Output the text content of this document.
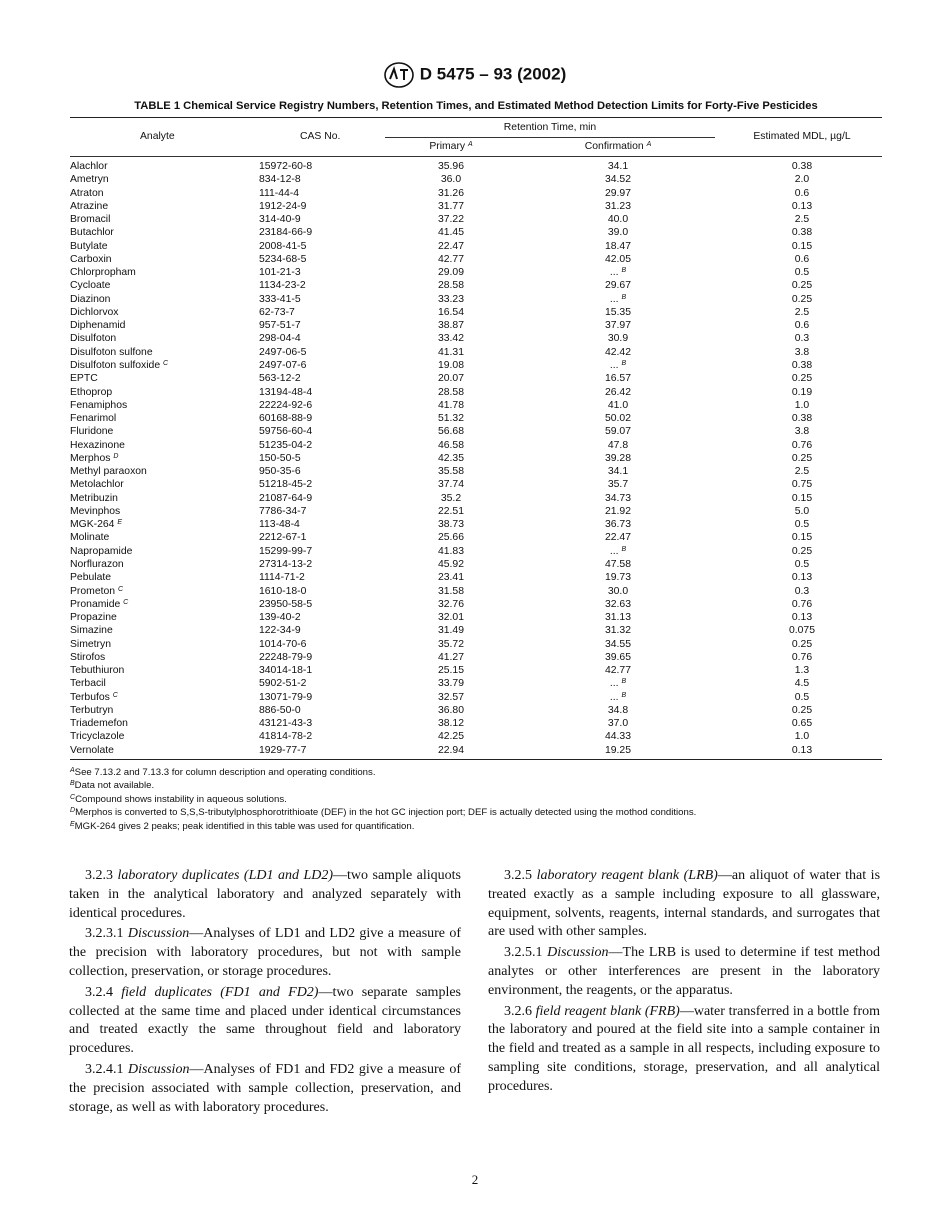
D 5475 – 93 (2002)
TABLE 1 Chemical Service Registry Numbers, Retention Times, and Estimated Method Detection Limits for Forty-Five Pesticides
Analyte	CAS No.
Retention Time, min
Primary $^A$	Confirmation $^A$
Estimated MDL, µg/L
Alachlor	15972-60-8	35.96	34.1	0.38
Ametryn	834-12-8	36.0	34.52	2.0
Atraton	111-44-4	31.26	29.97	0.6
Atrazine	1912-24-9	31.77	31.23	0.13
Bromacil	314-40-9	37.22	40.0	2.5
Butachlor	23184-66-9	41.45	39.0	0.38
Butylate	2008-41-5	22.47	18.47	0.15
Carboxin	5234-68-5	42.77	42.05	0.6
Chlorpropham	101-21-3	29.09	... $^B$	0.5
Cycloate	1134-23-2	28.58	29.67	0.25
Diazinon	333-41-5	33.23	... $^B$	0.25
Dichlorvox	62-73-7	16.54	15.35	2.5
Diphenamid	957-51-7	38.87	37.97	0.6
Disulfoton	298-04-4	33.42	30.9	0.3
Disulfoton sulfone	2497-06-5	41.31	42.42	3.8
Disulfoton sulfoxide $^C$	2497-07-6	19.08	... $^B$	0.38
EPTC	563-12-2	20.07	16.57	0.25
Ethoprop	13194-48-4	28.58	26.42	0.19
Fenamiphos	22224-92-6	41.78	41.0	1.0
Fenarimol	60168-88-9	51.32	50.02	0.38
Fluridone	59756-60-4	56.68	59.07	3.8
Hexazinone	51235-04-2	46.58	47.8	0.76
Merphos $^D$	150-50-5	42.35	39.28	0.25
Methyl paraoxon	950-35-6	35.58	34.1	2.5
Metolachlor	51218-45-2	37.74	35.7	0.75
Metribuzin	21087-64-9	35.2	34.73	0.15
Mevinphos	7786-34-7	22.51	21.92	5.0
MGK-264 $^E$	113-48-4	38.73	36.73	0.5
Molinate	2212-67-1	25.66	22.47	0.15
Napropamide	15299-99-7	41.83	... $^B$	0.25
Norflurazon	27314-13-2	45.92	47.58	0.5
Pebulate	1114-71-2	23.41	19.73	0.13
Prometon $^C$	1610-18-0	31.58	30.0	0.3
Pronamide $^C$	23950-58-5	32.76	32.63	0.76
Propazine	139-40-2	32.01	31.13	0.13
Simazine	122-34-9	31.49	31.32	0.075
Simetryn	1014-70-6	35.72	34.55	0.25
Stirofos	22248-79-9	41.27	39.65	0.76
Tebuthiuron	34014-18-1	25.15	42.77	1.3
Terbacil	5902-51-2	33.79	... $^B$	4.5
Terbufos $^C$	13071-79-9	32.57	... $^B$	0.5
Terbutryn	886-50-0	36.80	34.8	0.25
Triademefon	43121-43-3	38.12	37.0	0.65
Tricyclazole	41814-78-2	42.25	44.33	1.0
Vernolate	1929-77-7	22.94	19.25	0.13
$^A$See 7.13.2 and 7.13.3 for column description and operating conditions.
$^B$Data not available.
$^C$Compound shows instability in aqueous solutions.
$^D$Merphos is converted to S,S,S-tributylphosphorotrithioate (DEF) in the hot GC injection port; DEF is actually detected using the mothod conditions.
$^E$MGK-264 gives 2 peaks; peak identified in this table was used for quantification.

3.2.3 laboratory duplicates (LD1 and LD2)—two sample aliquots taken in the analytical laboratory and analyzed separately with identical procedures.

3.2.3.1 Discussion—Analyses of LD1 and LD2 give a measure of the precision with laboratory procedures, but not with sample collection, preservation, or storage procedures.

3.2.4 field duplicates (FD1 and FD2)—two separate samples collected at the same time and placed under identical circumstances and treated exactly the same throughout field and laboratory procedures.

3.2.4.1 Discussion—Analyses of FD1 and FD2 give a measure of the precision associated with sample collection, preservation, and storage, as well as with laboratory procedures.

3.2.5 laboratory reagent blank (LRB)—an aliquot of water that is treated exactly as a sample including exposure to all glassware, equipment, solvents, reagents, internal standards, and surrogates that are used with other samples.

3.2.5.1 Discussion—The LRB is used to determine if test method analytes or other interferences are present in the laboratory environment, the reagents, or the apparatus.

3.2.6 field reagent blank (FRB)—water transferred in a bottle from the laboratory and poured at the field site into a sample container in the field and treated as a sample in all respects, including exposure to sampling site conditions, storage, preservation, and all analytical procedures.

2
